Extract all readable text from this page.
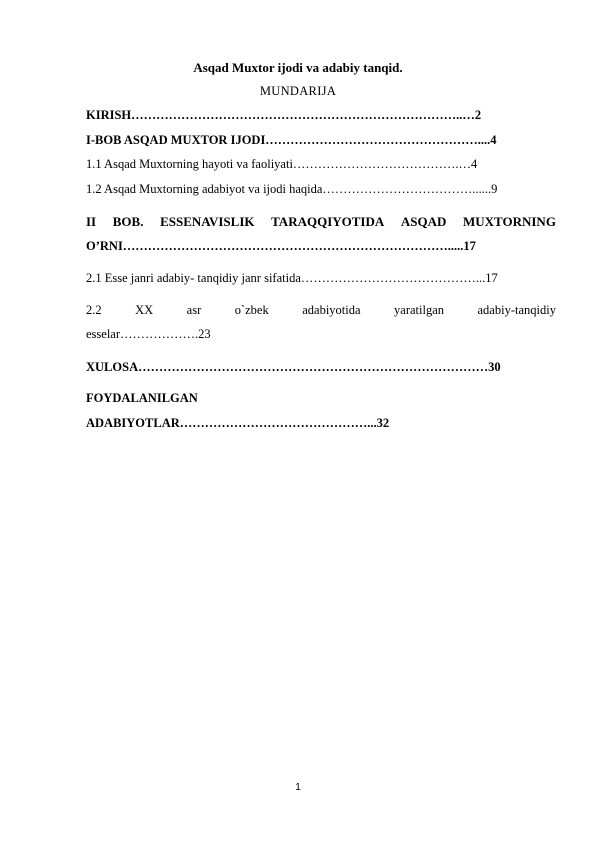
Asqad Muxtor ijodi va adabiy tanqid.
MUNDARIJA
KIRISH……………………………………………………………………..…2
I-BOB ASQAD MUXTOR IJODI……………………………………………....4
1.1 Asqad Muxtorning hayoti va faoliyati………………………………….…4
1.2 Asqad Muxtorning adabiyot va ijodi haqida………………………………......9
II BOB. ESSENAVISLIK TARAQQIYOTIDA ASQAD MUXTORNING
O’RNI…………………………………………………………………….....17
2.1 Esse janri adabiy- tanqidiy janr sifatida……………………………………...17
2.2	XX	asr	o`zbek	adabiyotida	yaratilgan	adabiy-tanqidiy
esselar……………….23
XULOSA…………………………………………………………………………30
FOYDALANILGAN
ADABIYOTLAR………………………………………...32
1
